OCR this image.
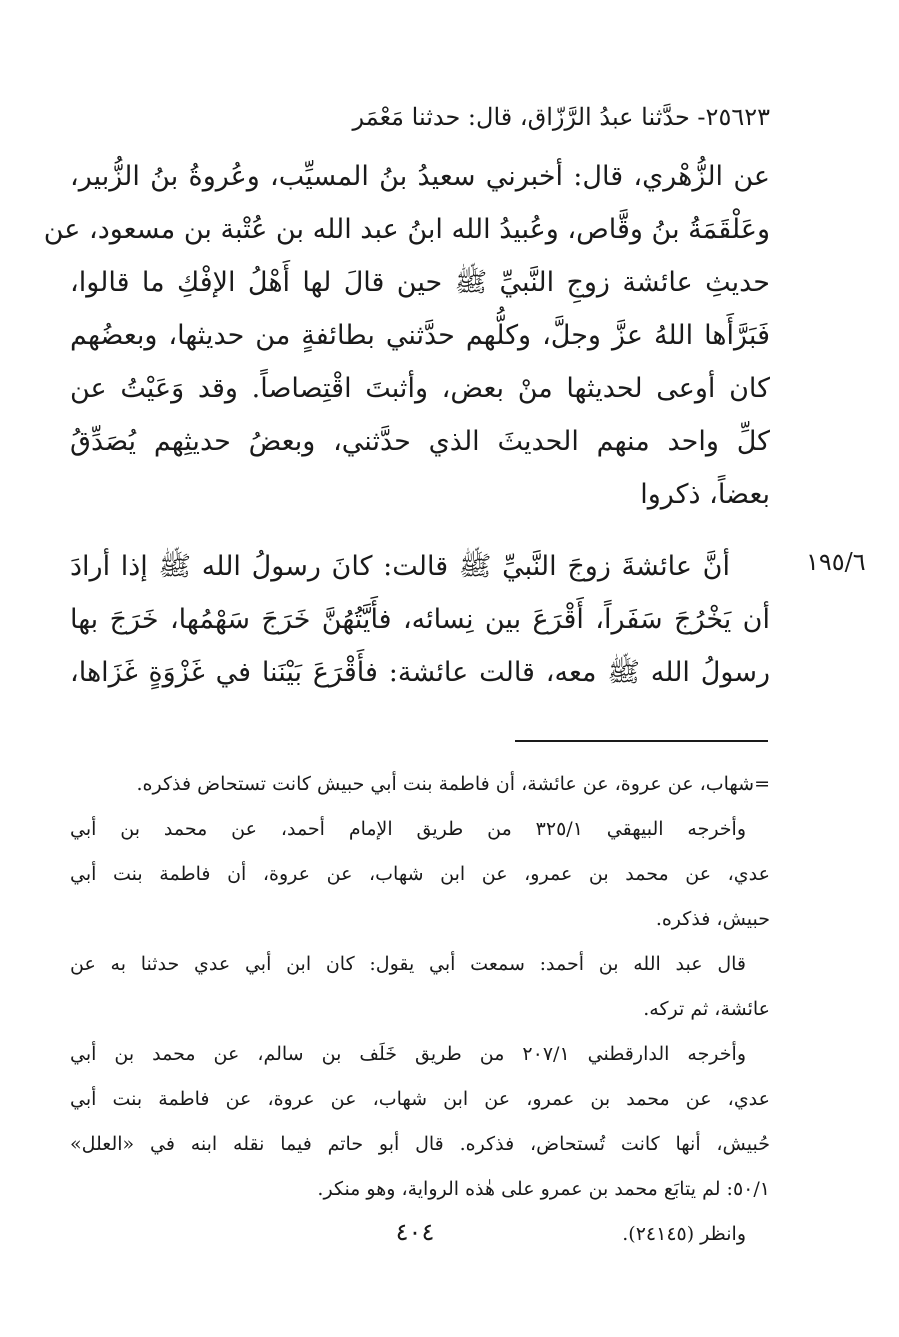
٢٥٦٢٣- حدَّثنا عبدُ الرَّزّاق، قال: حدثنا مَعْمَر
عن الزُّهْري، قال: أخبرني سعيدُ بنُ المسيِّب، وعُروةُ بنُ الزُّبير،
وعَلْقَمَةُ بنُ وقَّاص، وعُبيدُ الله ابنُ عبد الله بن عُتْبة بن مسعود، عن
حديثِ عائشة زوجِ النَّبيِّ ﷺ حين قالَ لها أَهْلُ الإفْكِ ما قالوا،
فَبَرَّأَها اللهُ عزَّ وجلَّ، وكلُّهم حدَّثني بطائفةٍ من حديثها، وبعضُهم
كان أوعى لحديثها منْ بعض، وأثبتَ اقْتِصاصاً. وقد وَعَيْتُ عن
كلِّ واحد منهم الحديثَ الذي حدَّثني، وبعضُ حديثِهم يُصَدِّقُ
بعضاً، ذكروا
١٩٥/٦
أنَّ عائشةَ زوجَ النَّبيِّ ﷺ قالت: كانَ رسولُ الله ﷺ إذا أرادَ
أن يَخْرُجَ سَفَراً، أَقْرَعَ بين نِسائه، فأَيَّتُهُنَّ خَرَجَ سَهْمُها، خَرَجَ بها
رسولُ الله ﷺ معه، قالت عائشة: فأَقْرَعَ بَيْنَنا في غَزْوَةٍ غَزَاها،
=شهاب، عن عروة، عن عائشة، أن فاطمة بنت أبي حبيش كانت تستحاض فذكره.
وأخرجه البيهقي ٣٢٥/١ من طريق الإمام أحمد، عن محمد بن أبي
عدي، عن محمد بن عمرو، عن ابن شهاب، عن عروة، أن فاطمة بنت أبي
حبيش، فذكره.
قال عبد الله بن أحمد: سمعت أبي يقول: كان ابن أبي عدي حدثنا به عن
عائشة، ثم تركه.
وأخرجه الدارقطني ٢٠٧/١ من طريق خَلَف بن سالم، عن محمد بن أبي
عدي، عن محمد بن عمرو، عن ابن شهاب، عن عروة، عن فاطمة بنت أبي
حُبيش، أنها كانت تُستحاض، فذكره. قال أبو حاتم فيما نقله ابنه في «العلل»
٥٠/١: لم يتابَع محمد بن عمرو على هٰذه الرواية، وهو منكر.
وانظر (٢٤١٤٥).
٤٠٤
